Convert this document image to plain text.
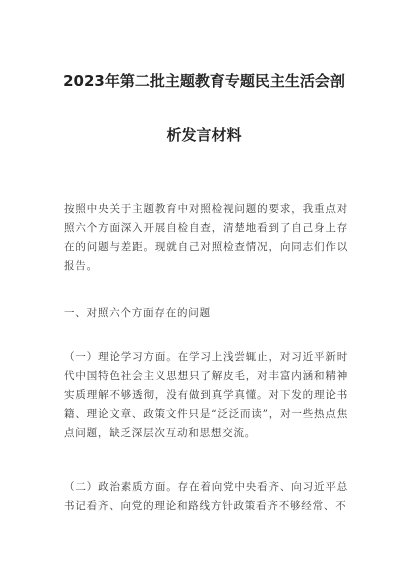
2023年第二批主题教育专题民主生活会剖
析发言材料
按照中央关于主题教育中对照检视问题的要求，我重点对照六个方面深入开展自检自查，清楚地看到了自己身上存在的问题与差距。现就自己对照检查情况，向同志们作以报告。
一、对照六个方面存在的问题
（一）理论学习方面。在学习上浅尝辄止，对习近平新时代中国特色社会主义思想只了解皮毛，对丰富内涵和精神实质理解不够透彻，没有做到真学真懂。对下发的理论书籍、理论文章、政策文件只是“泛泛而读”，对一些热点焦点问题，缺乏深层次互动和思想交流。
（二）政治素质方面。存在着向党中央看齐、向习近平总书记看齐、向党的理论和路线方针政策看齐不够经常、不
